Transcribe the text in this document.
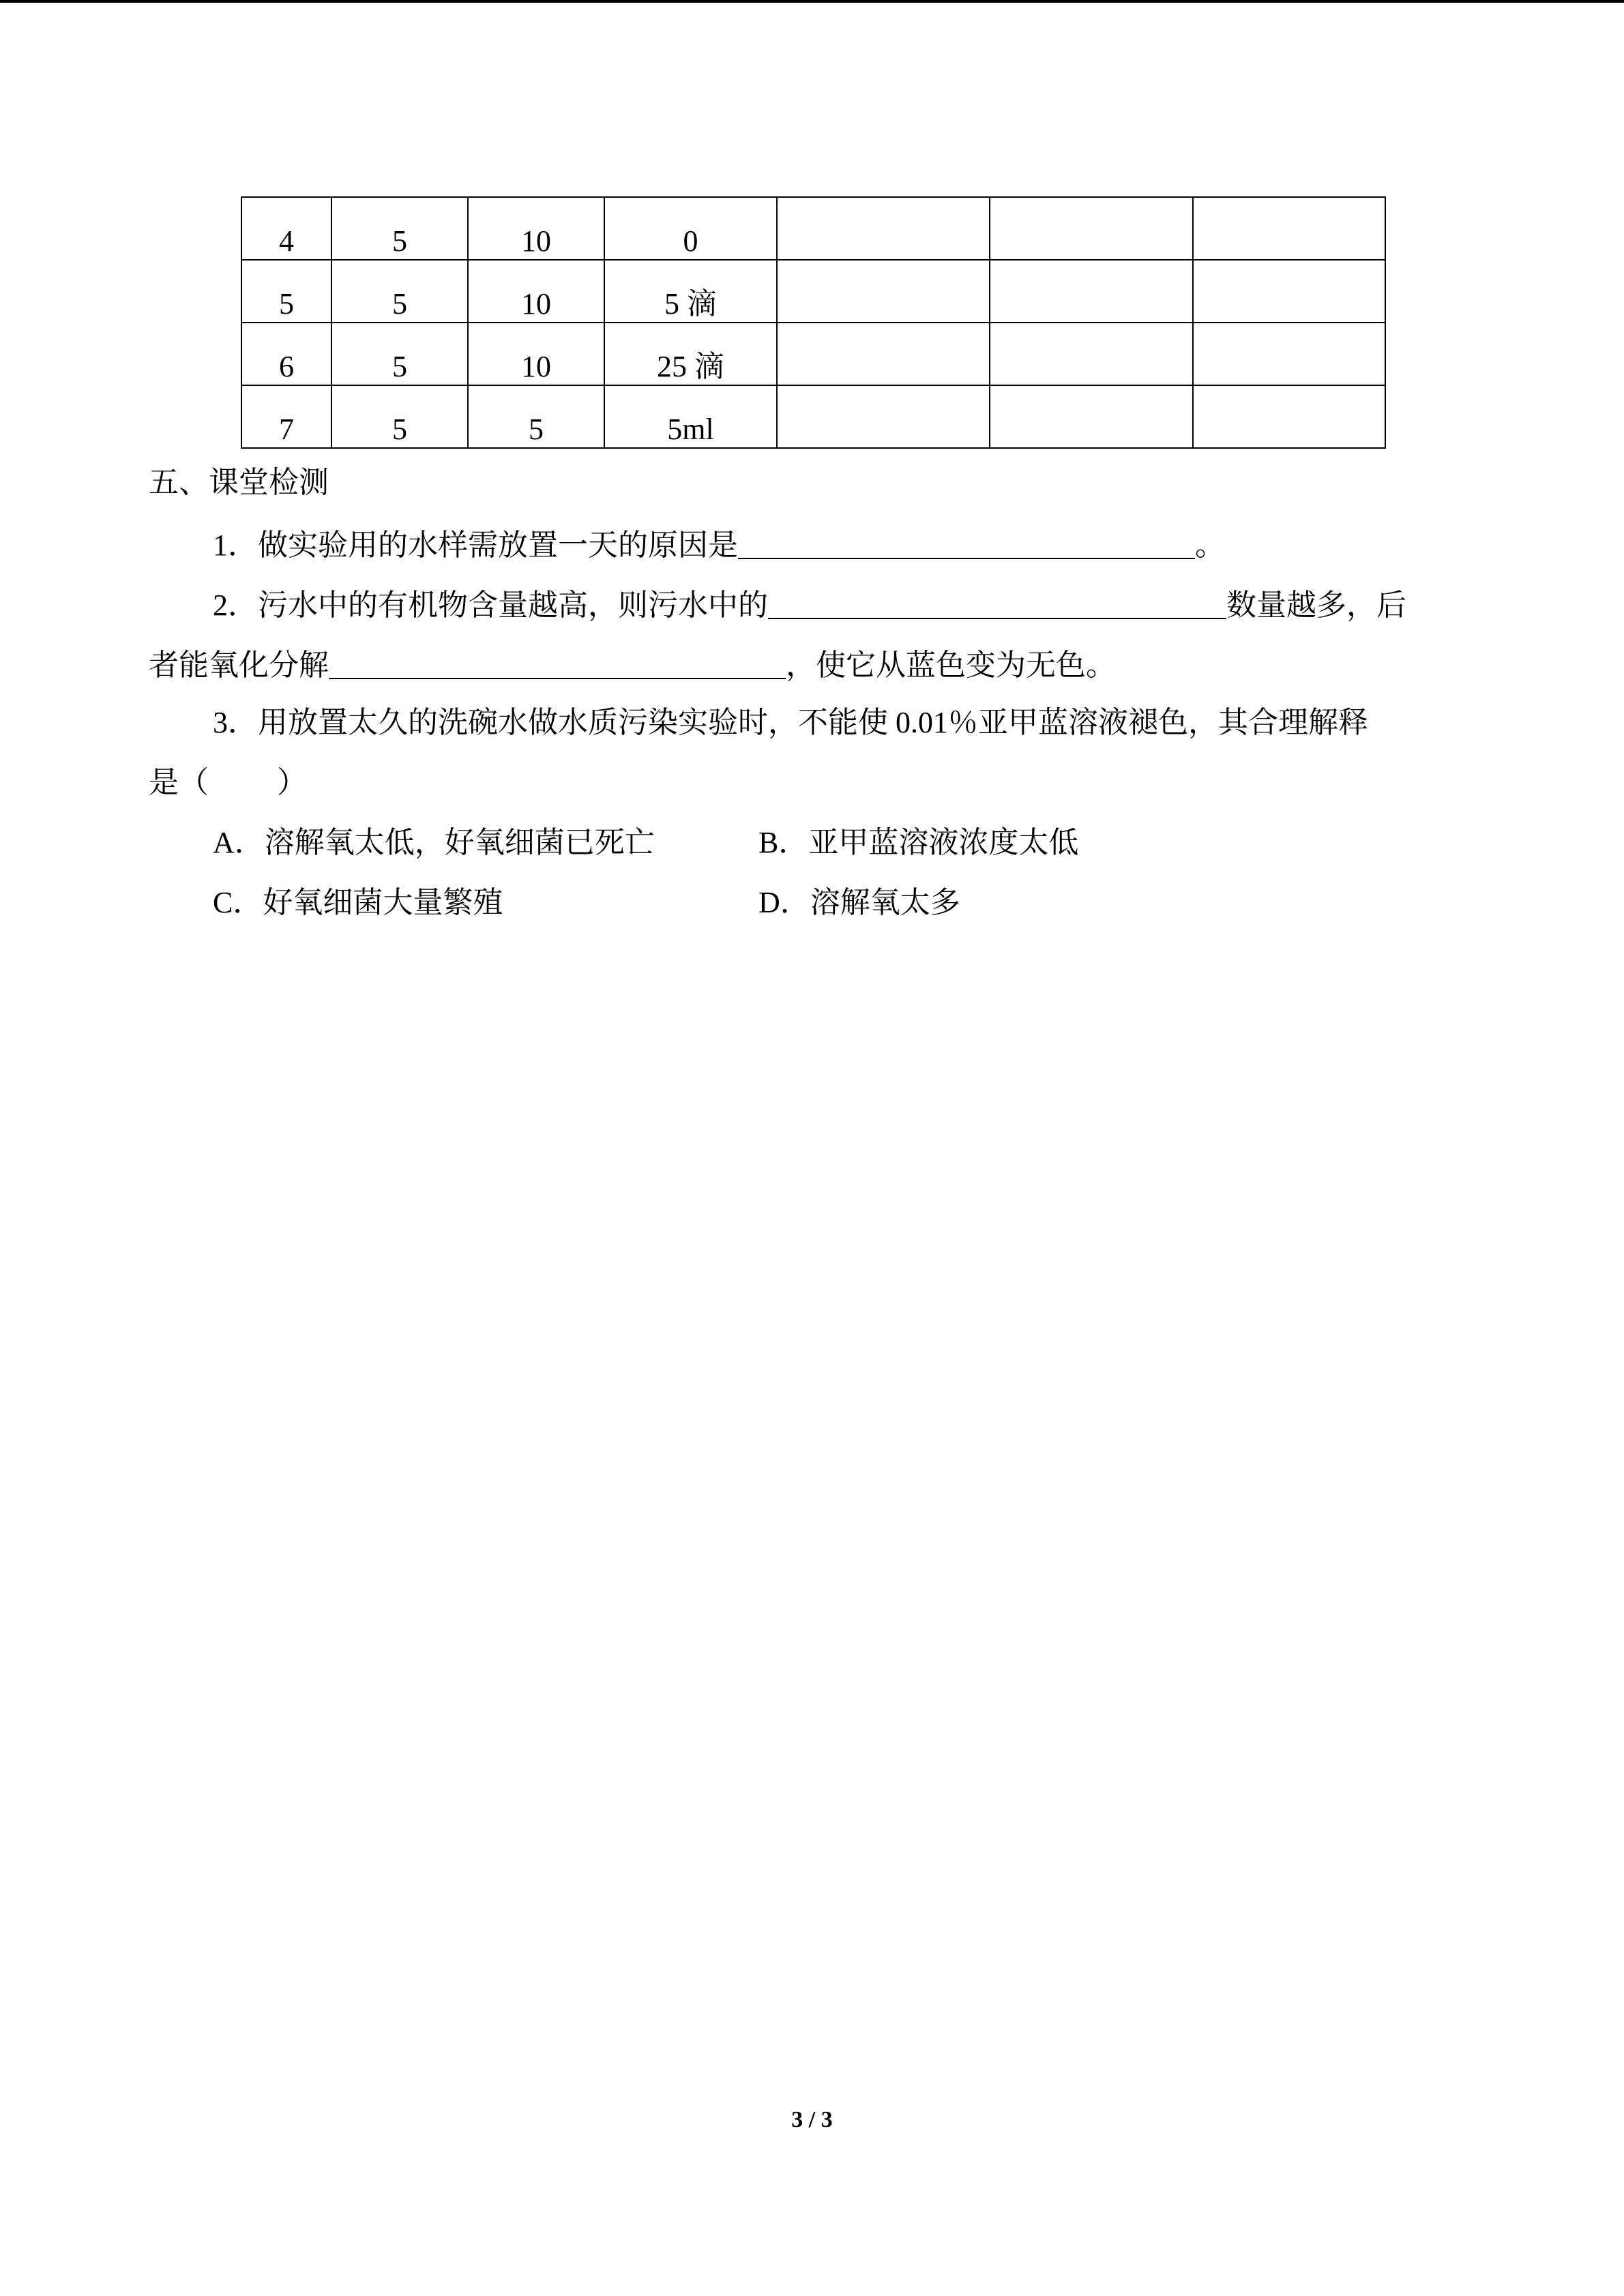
4	5	10	0			
5	5	10	5 滴			
6	5	10	25 滴			
7	5	5	5ml			
五、课堂检测
1．做实验用的水样需放置一天的原因是	。
2．污水中的有机物含量越高，则污水中的	数量越多，后
者能氧化分解	，使它从蓝色变为无色。
3．用放置太久的洗碗水做水质污染实验时，不能使 0.01％亚甲蓝溶液褪色，其合理解释
是（ ）
A．溶解氧太低，好氧细菌已死亡	B．亚甲蓝溶液浓度太低
C．好氧细菌大量繁殖	D．溶解氧太多
3 / 3
